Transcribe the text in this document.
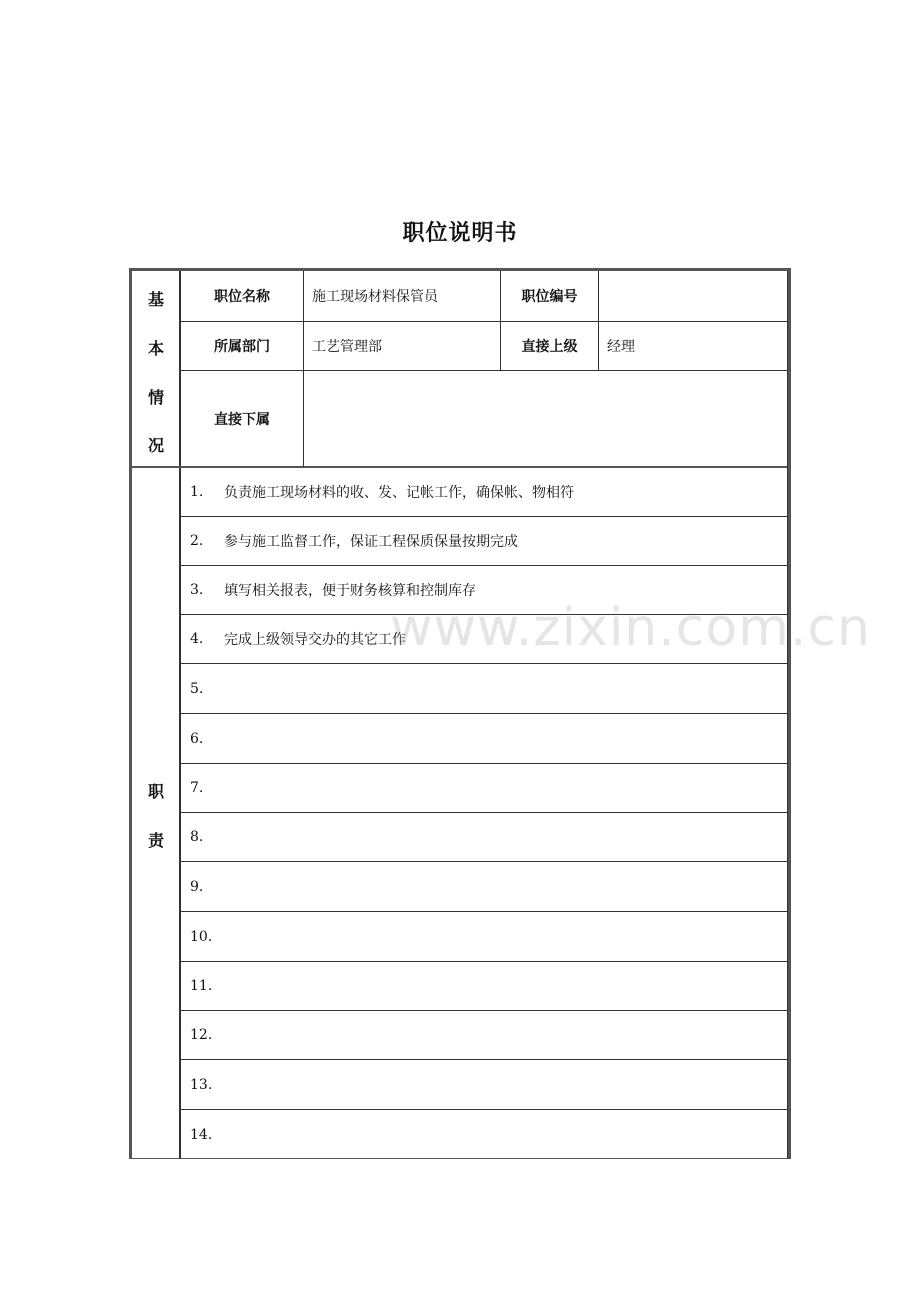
职位说明书
基
本
情
况
职位名称	施工现场材料保管员	职位编号
所属部门	工艺管理部	直接上级	经理
直接下属
职
责
1.	负责施工现场材料的收、发、记帐工作，确保帐、物相符
2.	参与施工监督工作，保证工程保质保量按期完成
3.	填写相关报表，便于财务核算和控制库存
4.	完成上级领导交办的其它工作
5.
6.
7.
8.
9.
10.
11.
12.
13.
14.
www.zixin.com.cn
